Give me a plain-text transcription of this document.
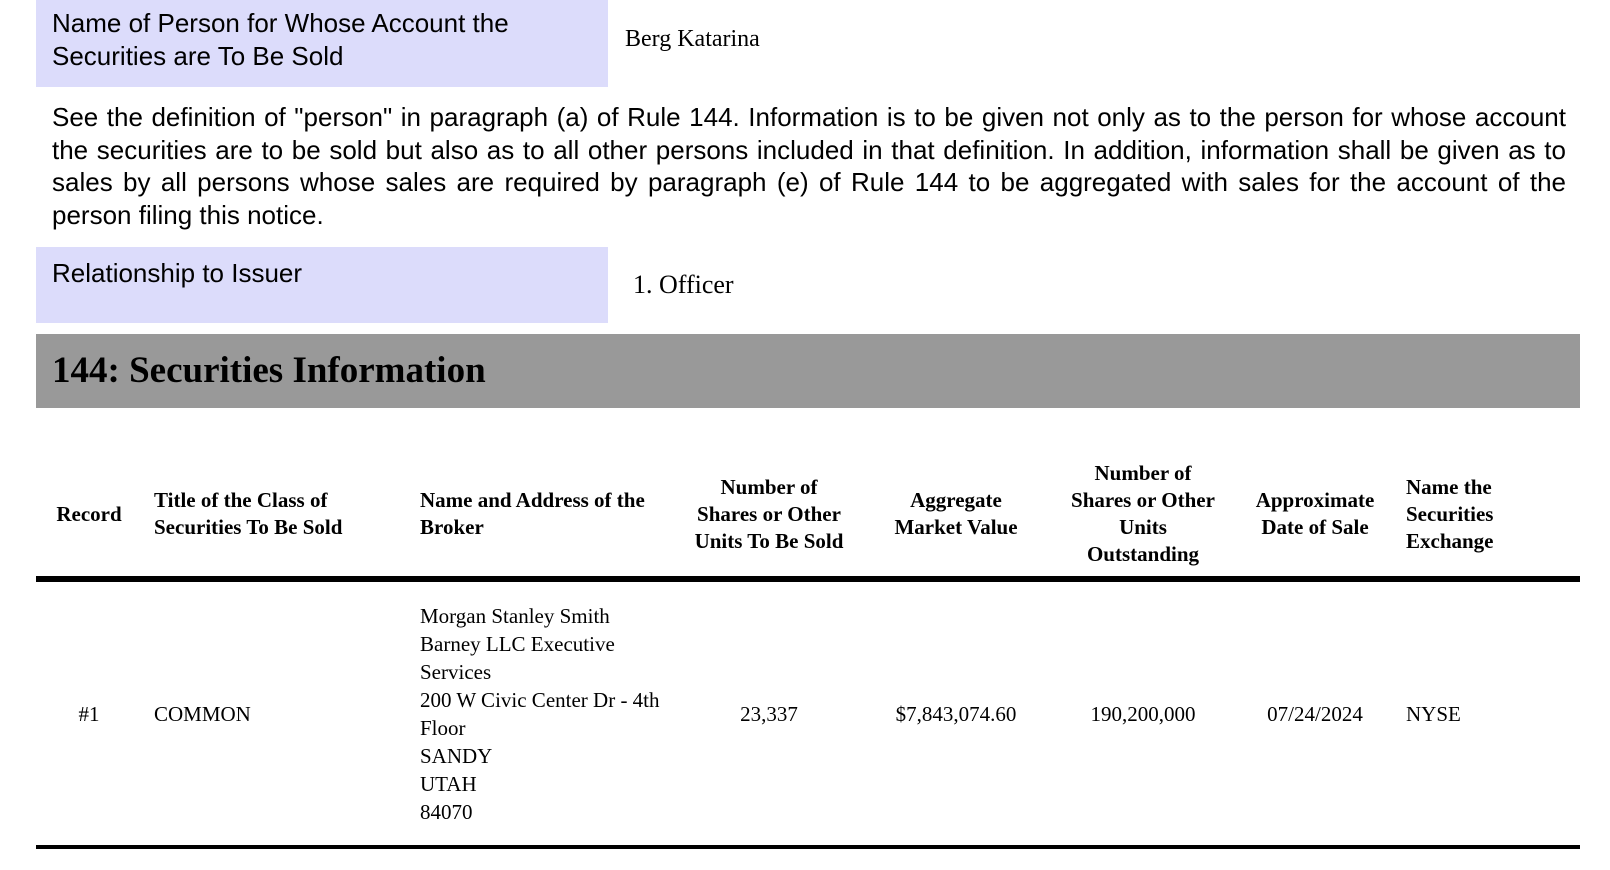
Name of Person for Whose Account the Securities are To Be Sold
Berg Katarina
See the definition of "person" in paragraph (a) of Rule 144. Information is to be given not only as to the person for whose account the securities are to be sold but also as to all other persons included in that definition. In addition, information shall be given as to sales by all persons whose sales are required by paragraph (e) of Rule 144 to be aggregated with sales for the account of the person filing this notice.
Relationship to Issuer	1. Officer
144: Securities Information
Record	Title of the Class of Securities To Be Sold	Name and Address of the Broker	Number of Shares or Other Units To Be Sold	Aggregate Market Value	Number of Shares or Other Units Outstanding	Approximate Date of Sale	Name the Securities Exchange
#1	COMMON	Morgan Stanley Smith Barney LLC Executive Services
200 W Civic Center Dr - 4th Floor
SANDY
UTAH
84070	23,337	$7,843,074.60	190,200,000	07/24/2024	NYSE
